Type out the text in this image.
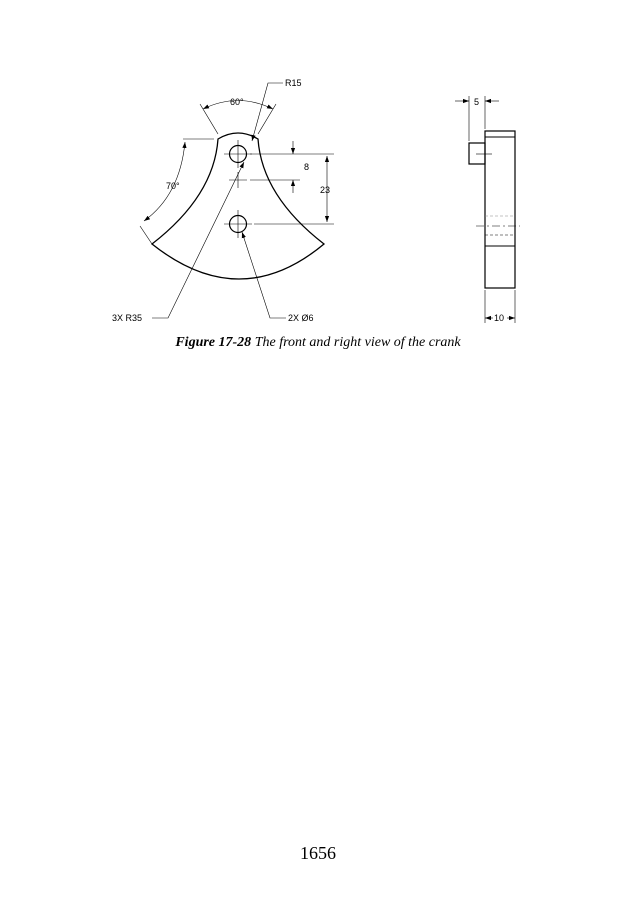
60°
70°
R15
3X R35	2X Ø6
8
23
5
10
Figure 17-28 The front and right view of the crank
1656
